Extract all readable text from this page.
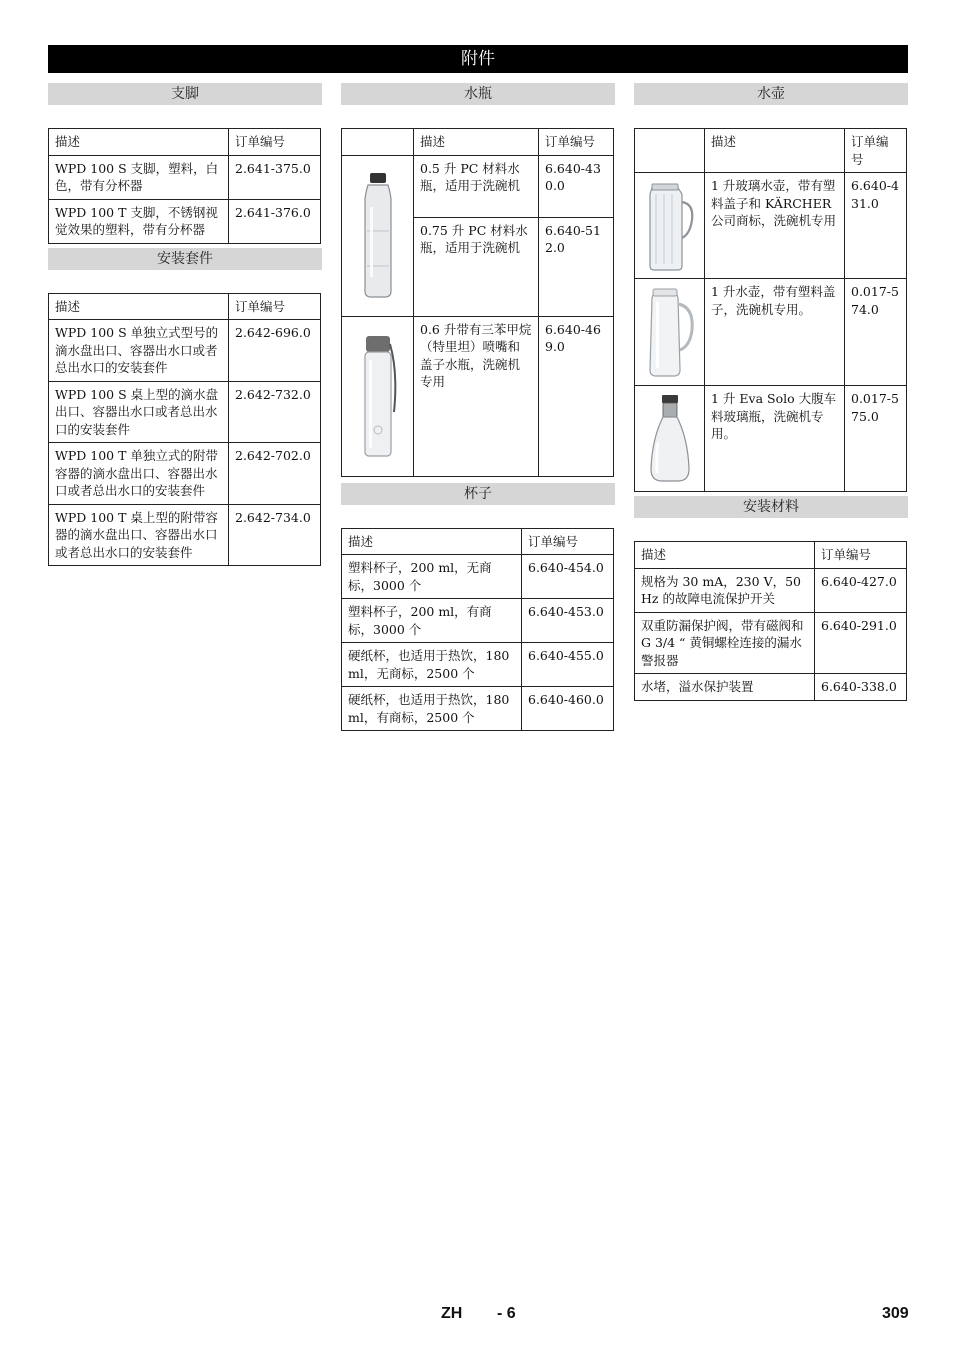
附件
支脚
描述	订单编号
WPD 100 S 支脚，塑料，白色，带有分杯器	2.641-375.0
WPD 100 T 支脚，不锈钢视觉效果的塑料，带有分杯器	2.641-376.0
安装套件
描述	订单编号
WPD 100 S 单独立式型号的滴水盘出口、容器出水口或者总出水口的安装套件	2.642-696.0
WPD 100 S 桌上型的滴水盘出口、容器出水口或者总出水口的安装套件	2.642-732.0
WPD 100 T 单独立式的附带容器的滴水盘出口、容器出水口或者总出水口的安装套件	2.642-702.0
WPD 100 T 桌上型的附带容器的滴水盘出口、容器出水口或者总出水口的安装套件	2.642-734.0
水瓶
	描述	订单编号

	0.5 升 PC 材料水瓶，适用于洗碗机	6.640-430.0
	0.75 升 PC 材料水瓶，适用于洗碗机	6.640-512.0

	0.6 升带有三苯甲烷 （特里坦）喷嘴和盖子水瓶，洗碗机专用	6.640-469.0
杯子
描述	订单编号
塑料杯子，200 ml，无商标，3000 个	6.640-454.0
塑料杯子，200 ml，有商标，3000 个	6.640-453.0
硬纸杯，也适用于热饮，180 ml，无商标，2500 个	6.640-455.0
硬纸杯，也适用于热饮，180 ml，有商标，2500 个	6.640-460.0
水壶
	描述	订单编号

	1 升玻璃水壶，带有塑料盖子和 KÄRCHER 公司商标，洗碗机专用	6.640-431.0

	1 升水壶，带有塑料盖子，洗碗机专用。	0.017-574.0

	1 升 Eva Solo 大腹车料玻璃瓶，洗碗机专用。	0.017-575.0
安装材料
描述	订单编号
规格为 30 mA，230 V，50 Hz 的故障电流保护开关	6.640-427.0
双重防漏保护阀，带有磁阀和 G 3/4 “ 黄铜螺栓连接的漏水警报器	6.640-291.0
水堵，溢水保护装置	6.640-338.0
ZH - 6	309
